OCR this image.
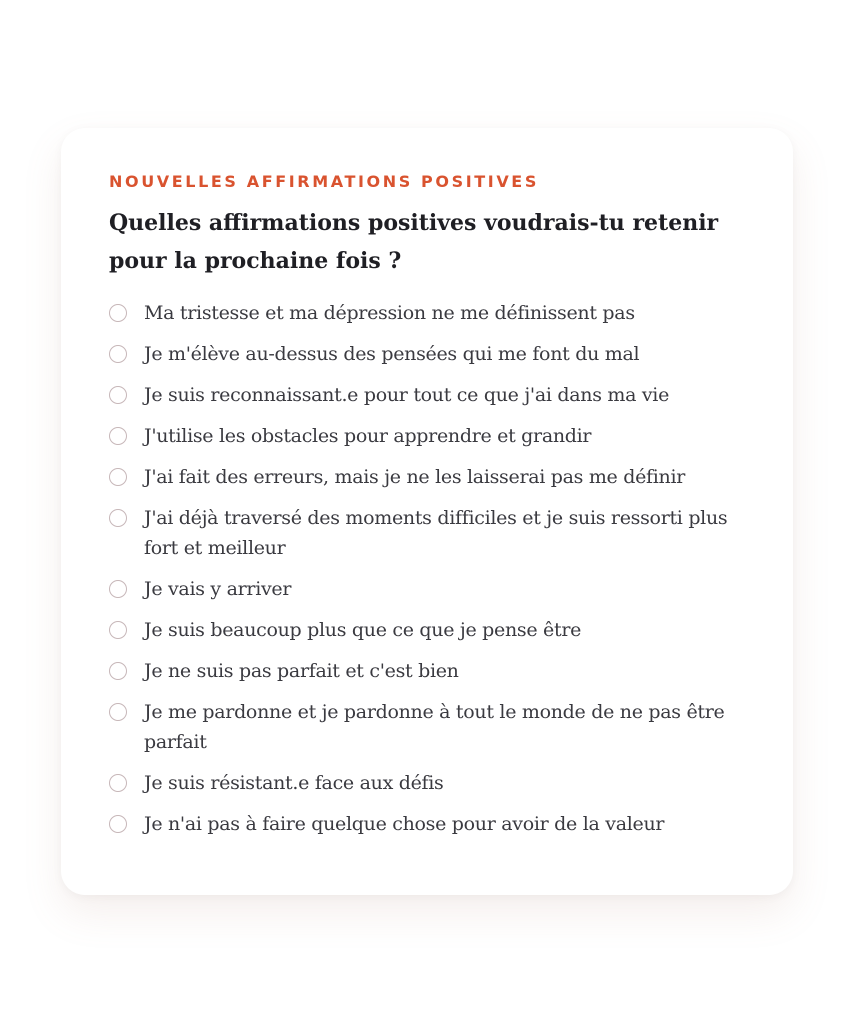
NOUVELLES AFFIRMATIONS POSITIVES

Quelles affirmations positives voudrais-tu retenir pour la prochaine fois ?
Ma tristesse et ma dépression ne me définissent pas
Je m'élève au-dessus des pensées qui me font du mal
Je suis reconnaissant.e pour tout ce que j'ai dans ma vie
J'utilise les obstacles pour apprendre et grandir
J'ai fait des erreurs, mais je ne les laisserai pas me définir
J'ai déjà traversé des moments difficiles et je suis ressorti plus fort et meilleur
Je vais y arriver
Je suis beaucoup plus que ce que je pense être
Je ne suis pas parfait et c'est bien
Je me pardonne et je pardonne à tout le monde de ne pas être parfait
Je suis résistant.e face aux défis
Je n'ai pas à faire quelque chose pour avoir de la valeur
